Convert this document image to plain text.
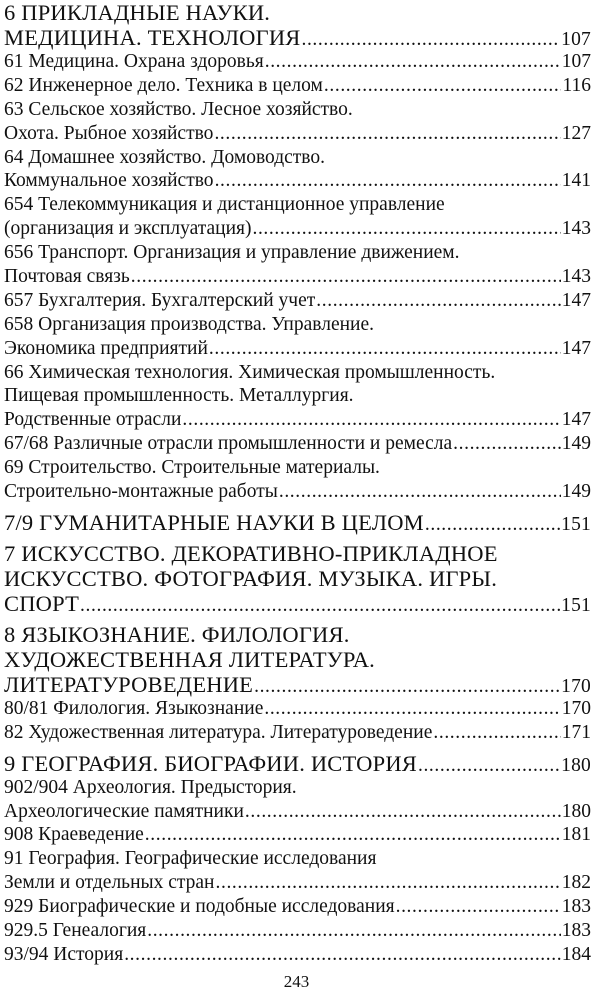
6 ПРИКЛАДНЫЕ НАУКИ.
МЕДИЦИНА. ТЕХНОЛОГИЯ .....	107
61 Медицина. Охрана здоровья .....	107
62 Инженерное дело. Техника в целом .....	116
63 Сельское хозяйство. Лесное хозяйство.
Охота. Рыбное хозяйство .....	127
64 Домашнее хозяйство. Домоводство.
Коммунальное хозяйство .....	141
654 Телекоммуникация и дистанционное управление
(организация и эксплуатация) .....	143
656 Транспорт. Организация и управление движением.
Почтовая связь .....	143
657 Бухгалтерия. Бухгалтерский учет .....	147
658 Организация производства. Управление.
Экономика предприятий .....	147
66 Химическая технология. Химическая промышленность.
Пищевая промышленность. Металлургия.
Родственные отрасли .....	147
67/68 Различные отрасли промышленности и ремесла .....	149
69 Строительство. Строительные материалы.
Строительно-монтажные работы .....	149
7/9 ГУМАНИТАРНЫЕ НАУКИ В ЦЕЛОМ .....	151
7 ИСКУССТВО. ДЕКОРАТИВНО-ПРИКЛАДНОЕ
ИСКУССТВО. ФОТОГРАФИЯ. МУЗЫКА. ИГРЫ.
СПОРТ .....	151
8 ЯЗЫКОЗНАНИЕ. ФИЛОЛОГИЯ.
ХУДОЖЕСТВЕННАЯ ЛИТЕРАТУРА.
ЛИТЕРАТУРОВЕДЕНИЕ .....	170
80/81 Филология. Языкознание .....	170
82 Художественная литература. Литературоведение .....	171
9 ГЕОГРАФИЯ. БИОГРАФИИ. ИСТОРИЯ .....	180
902/904 Археология. Предыстория.
Археологические памятники .....	180
908 Краеведение .....	181
91 География. Географические исследования
Земли и отдельных стран .....	182
929 Биографические и подобные исследования .....	183
929.5 Генеалогия .....	183
93/94 История .....	184
243
